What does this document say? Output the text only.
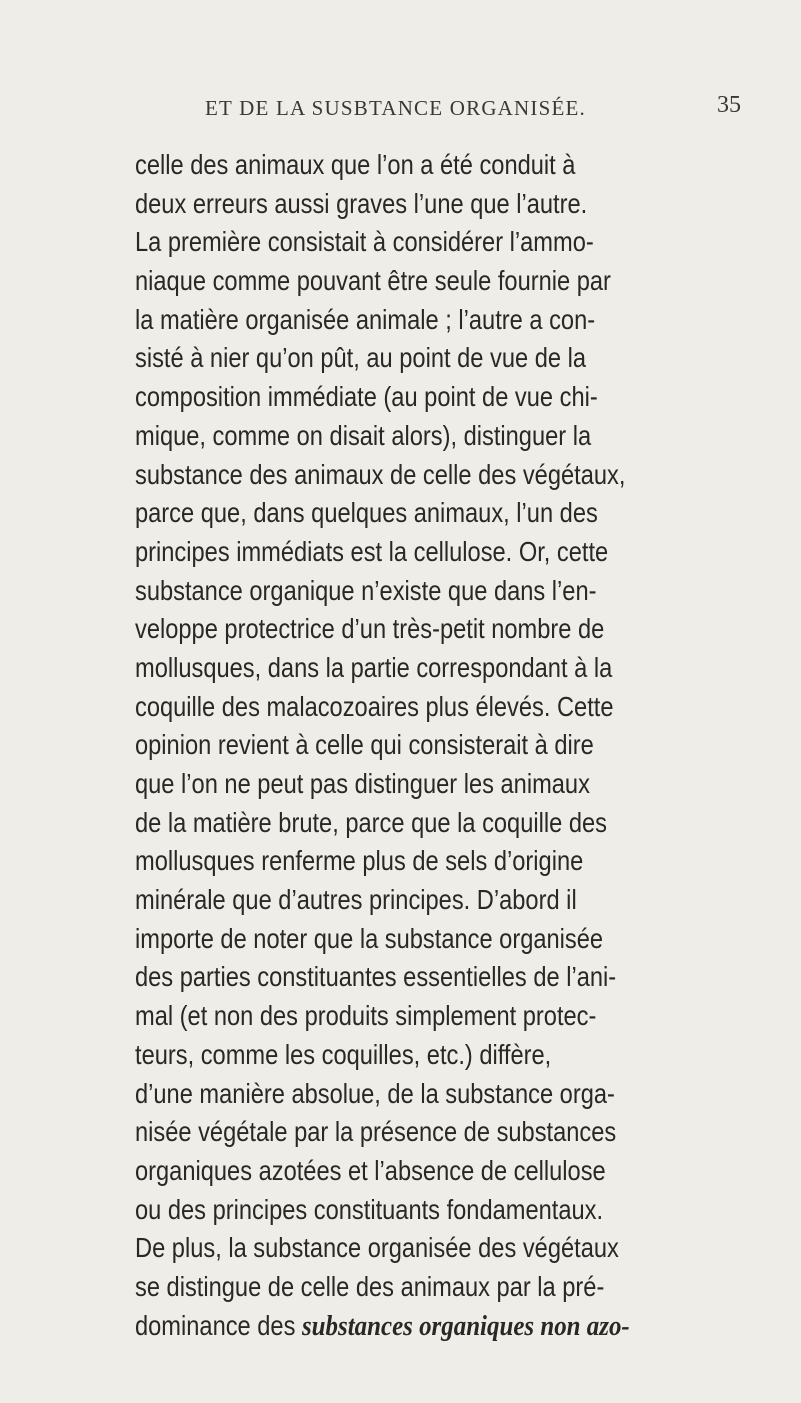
ET DE LA SUSBTANCE ORGANISÉE.	35
celle des animaux que l’on a été conduit à
deux erreurs aussi graves l’une que l’autre.
La première consistait à considérer l’ammo-
niaque comme pouvant être seule fournie par
la matière organisée animale ; l’autre a con-
sisté à nier qu’on pût, au point de vue de la
composition immédiate (au point de vue chi-
mique, comme on disait alors), distinguer la
substance des animaux de celle des végétaux,
parce que, dans quelques animaux, l’un des
principes immédiats est la cellulose. Or, cette
substance organique n’existe que dans l’en-
veloppe protectrice d’un très-petit nombre de
mollusques, dans la partie correspondant à la
coquille des malacozoaires plus élevés. Cette
opinion revient à celle qui consisterait à dire
que l’on ne peut pas distinguer les animaux
de la matière brute, parce que la coquille des
mollusques renferme plus de sels d’origine
minérale que d’autres principes. D’abord il
importe de noter que la substance organisée
des parties constituantes essentielles de l’ani-
mal (et non des produits simplement protec-
teurs, comme les coquilles, etc.) diffère,
d’une manière absolue, de la substance orga-
nisée végétale par la présence de substances
organiques azotées et l’absence de cellulose
ou des principes constituants fondamentaux.
De plus, la substance organisée des végétaux
se distingue de celle des animaux par la pré-
dominance des substances organiques non azo-
